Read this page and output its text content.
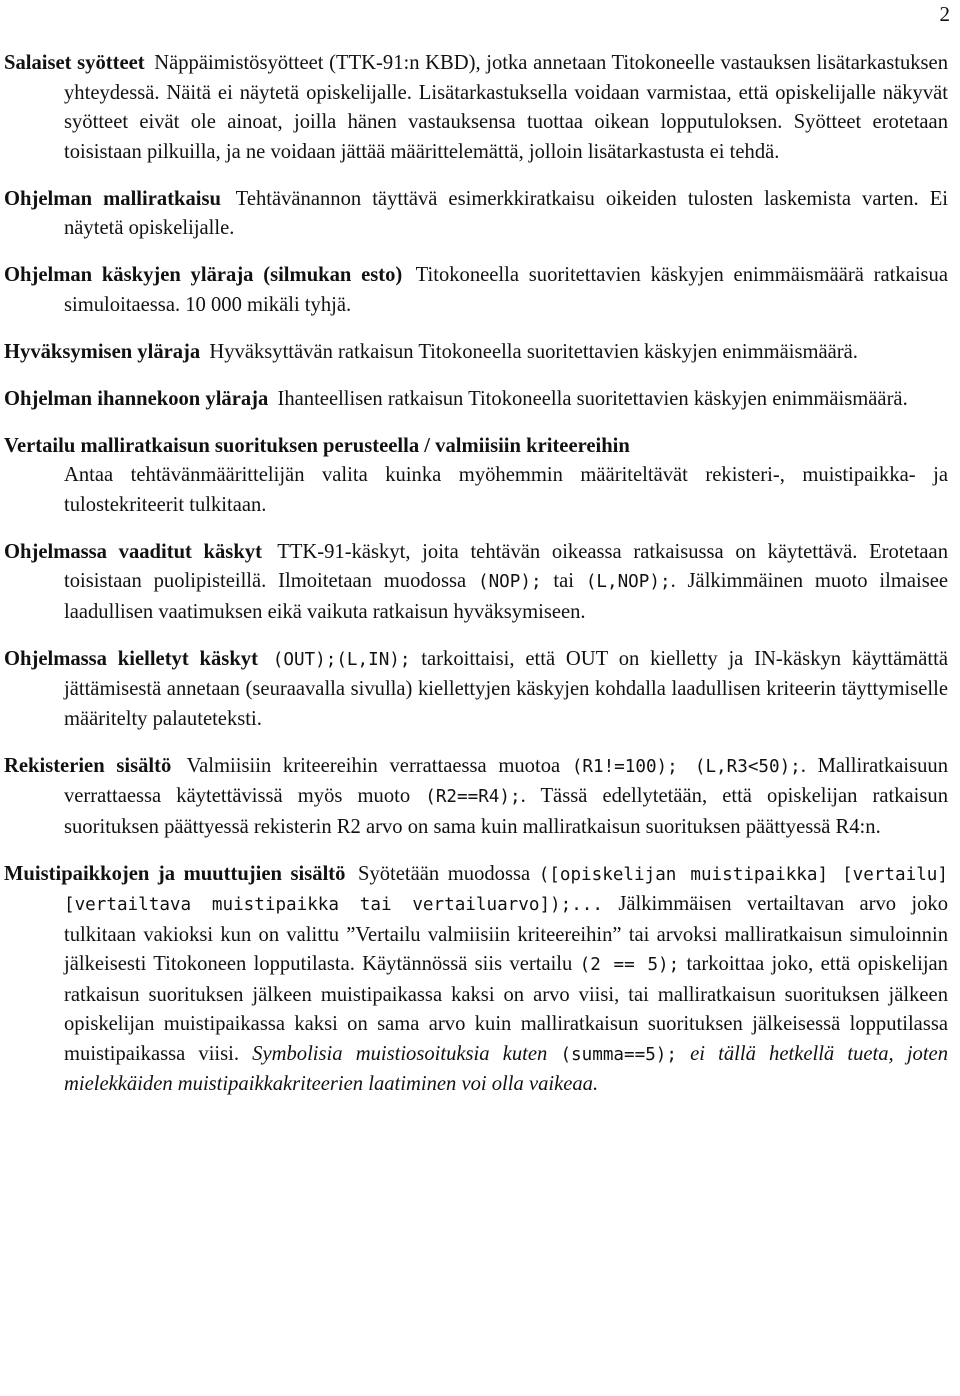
2

Salaiset syötteet Näppäimistösyötteet (TTK-91:n KBD), jotka annetaan Titokoneelle vastauksen lisätarkastuksen yhteydessä. Näitä ei näytetä opiskelijalle. Lisätarkastuksella voidaan varmistaa, että opiskelijalle näkyvät syötteet eivät ole ainoat, joilla hänen vastauksensa tuottaa oikean lopputuloksen. Syötteet erotetaan toisistaan pilkuilla, ja ne voidaan jättää määrittelemättä, jolloin lisätarkastusta ei tehdä.

Ohjelman malliratkaisu Tehtävänannon täyttävä esimerkkiratkaisu oikeiden tulosten laskemista varten. Ei näytetä opiskelijalle.

Ohjelman käskyjen yläraja (silmukan esto) Titokoneella suoritettavien käskyjen enimmäismäärä ratkaisua simuloitaessa. 10 000 mikäli tyhjä.

Hyväksymisen yläraja Hyväksyttävän ratkaisun Titokoneella suoritettavien käskyjen enimmäismäärä.

Ohjelman ihannekoon yläraja Ihanteellisen ratkaisun Titokoneella suoritettavien käskyjen enimmäismäärä.

Vertailu malliratkaisun suorituksen perusteella / valmiisiin kriteereihin

Antaa tehtävänmäärittelijän valita kuinka myöhemmin määriteltävät rekisteri-, muistipaikka- ja tulostekriteerit tulkitaan.

Ohjelmassa vaaditut käskyt TTK-91-käskyt, joita tehtävän oikeassa ratkaisussa on käytettävä. Erotetaan toisistaan puolipisteillä. Ilmoitetaan muodossa (NOP); tai (L,NOP);. Jälkimmäinen muoto ilmaisee laadullisen vaatimuksen eikä vaikuta ratkaisun hyväksymiseen.

Ohjelmassa kielletyt käskyt (OUT);(L,IN); tarkoittaisi, että OUT on kielletty ja IN-käskyn käyttämättä jättämisestä annetaan (seuraavalla sivulla) kiellettyjen käskyjen kohdalla laadullisen kriteerin täyttymiselle määritelty palauteteksti.

Rekisterien sisältö Valmiisiin kriteereihin verrattaessa muotoa (R1!=100); (L,R3<50);. Malliratkaisuun verrattaessa käytettävissä myös muoto (R2==R4);. Tässä edellytetään, että opiskelijan ratkaisun suorituksen päättyessä rekisterin R2 arvo on sama kuin malliratkaisun suorituksen päättyessä R4:n.

Muistipaikkojen ja muuttujien sisältö Syötetään muodossa ([opiskelijan muistipaikka] [vertailu] [vertailtava muistipaikka tai vertailuarvo]);... Jälkimmäisen vertailtavan arvo joko tulkitaan vakioksi kun on valittu ”Vertailu valmiisiin kriteereihin” tai arvoksi malliratkaisun simuloinnin jälkeisesti Titokoneen lopputilasta. Käytännössä siis vertailu (2 == 5); tarkoittaa joko, että opiskelijan ratkaisun suorituksen jälkeen muistipaikassa kaksi on arvo viisi, tai malliratkaisun suorituksen jälkeen opiskelijan muistipaikassa kaksi on sama arvo kuin malliratkaisun suorituksen jälkeisessä lopputilassa muistipaikassa viisi. Symbolisia muistiosoituksia kuten (summa==5); ei tällä hetkellä tueta, joten mielekkäiden muistipaikkakriteerien laatiminen voi olla vaikeaa.
